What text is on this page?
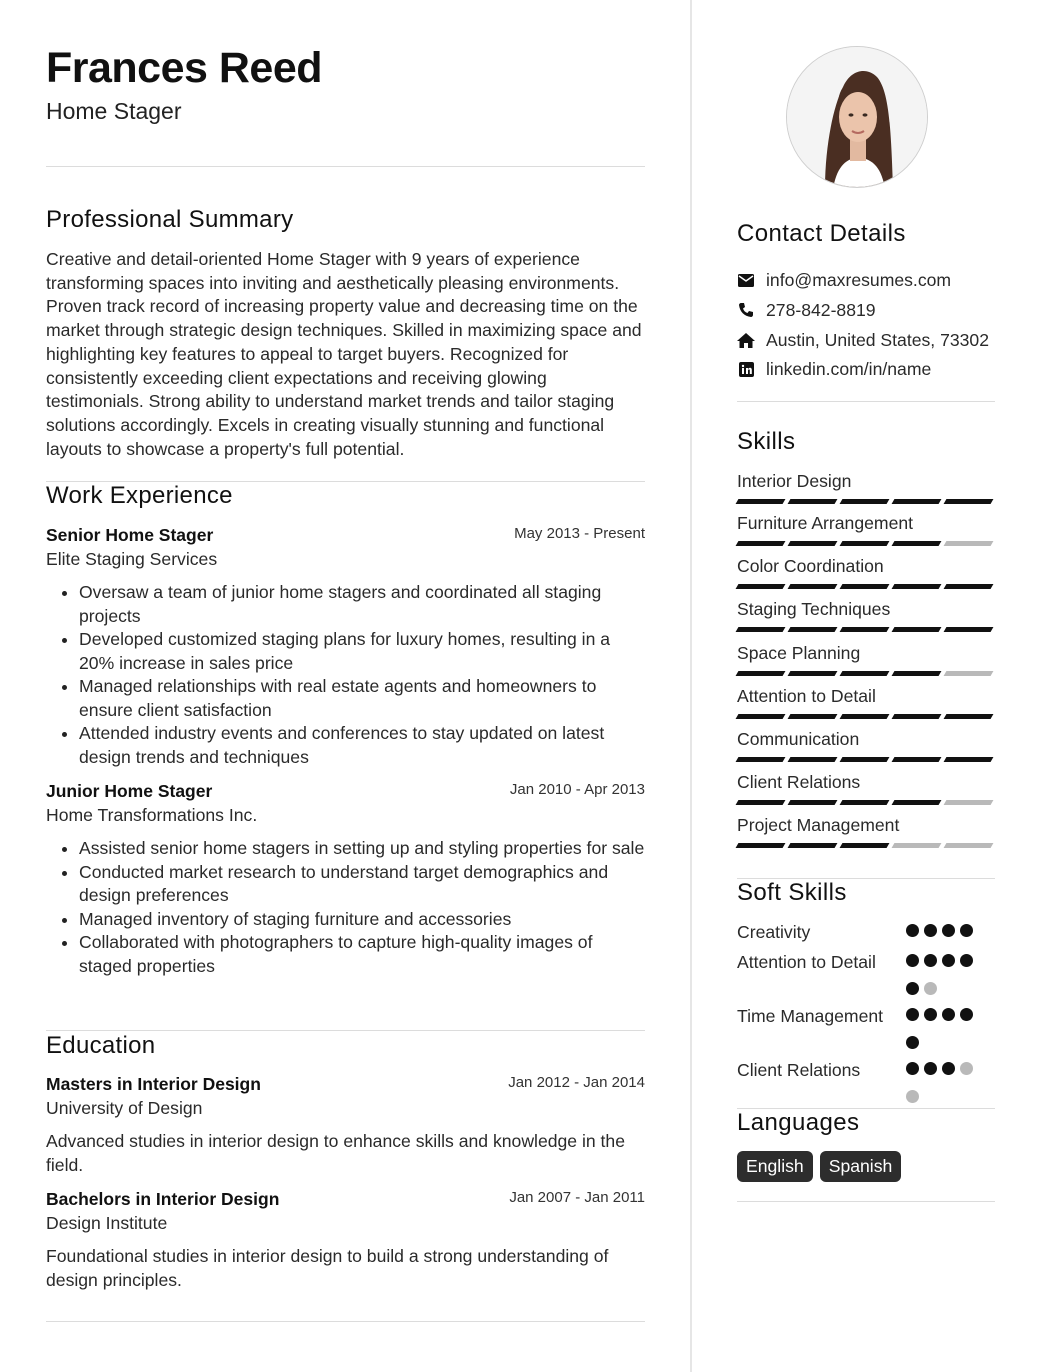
Frances Reed
Home Stager
Professional Summary
Creative and detail-oriented Home Stager with 9 years of experience transforming spaces into inviting and aesthetically pleasing environments. Proven track record of increasing property value and decreasing time on the market through strategic design techniques. Skilled in maximizing space and highlighting key features to appeal to target buyers. Recognized for consistently exceeding client expectations and receiving glowing testimonials. Strong ability to understand market trends and tailor staging solutions accordingly. Excels in creating visually stunning and functional layouts to showcase a property's full potential.
Work Experience
Senior Home Stager	May 2013 - Present
Elite Staging Services
Oversaw a team of junior home stagers and coordinated all staging projects
Developed customized staging plans for luxury homes, resulting in a 20% increase in sales price
Managed relationships with real estate agents and homeowners to ensure client satisfaction
Attended industry events and conferences to stay updated on latest design trends and techniques
Junior Home Stager	Jan 2010 - Apr 2013
Home Transformations Inc.
Assisted senior home stagers in setting up and styling properties for sale
Conducted market research to understand target demographics and design preferences
Managed inventory of staging furniture and accessories
Collaborated with photographers to capture high-quality images of staged properties
Education
Masters in Interior Design	Jan 2012 - Jan 2014
University of Design
Advanced studies in interior design to enhance skills and knowledge in the field.
Bachelors in Interior Design	Jan 2007 - Jan 2011
Design Institute
Foundational studies in interior design to build a strong understanding of design principles.
Contact Details
info@maxresumes.com
278-842-8819
Austin, United States, 73302
linkedin.com/in/name
Skills
Interior Design
Furniture Arrangement
Color Coordination
Staging Techniques
Space Planning
Attention to Detail
Communication
Client Relations
Project Management
Soft Skills
Creativity
Attention to Detail
Time Management
Client Relations
Languages
English	Spanish
